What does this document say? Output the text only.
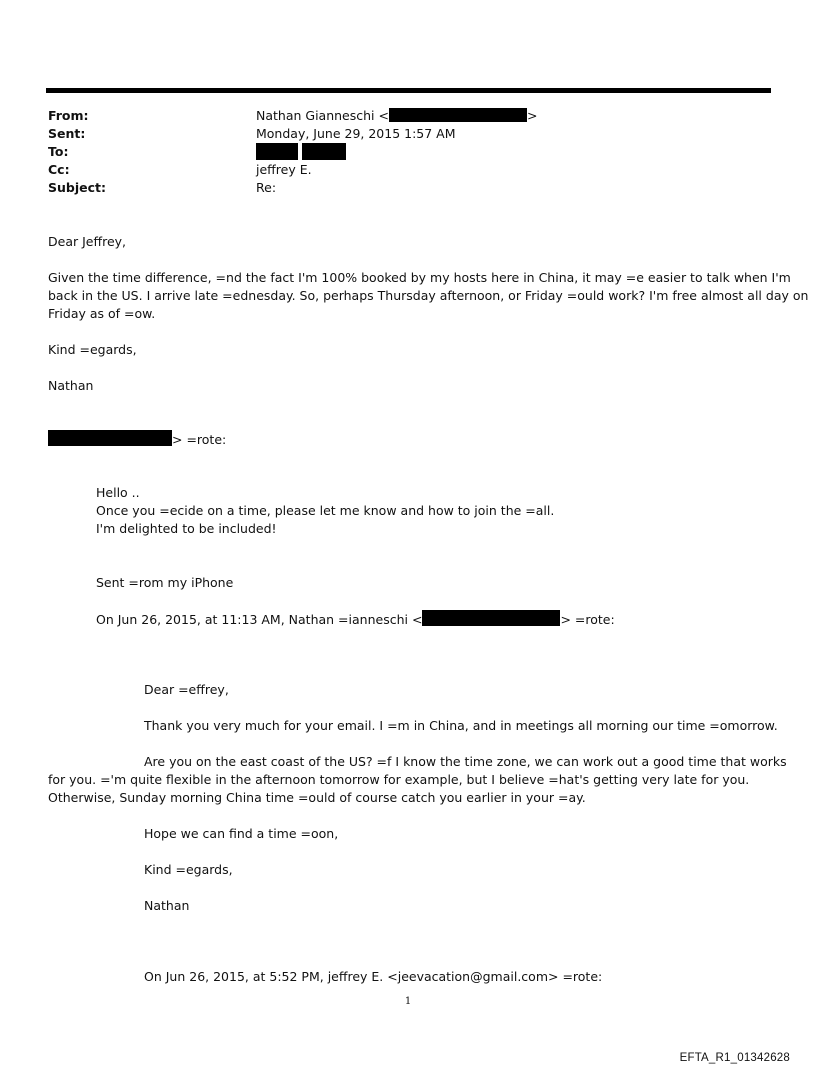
From:	Nathan Gianneschi <	>
Sent:	Monday, June 29, 2015 1:57 AM
To:

Cc:	jeffrey E.
Subject:	Re:
Dear Jeffrey,
Given the time difference, =nd the fact I'm 100% booked by my hosts here in China, it may =e easier to talk when I'm
back in the US. I arrive late =ednesday. So, perhaps Thursday afternoon, or Friday =ould work? I'm free almost all day on
Friday as of =ow.
Kind =egards,
Nathan
> =rote:
Hello ..
Once you =ecide on a time, please let me know and how to join the =all.
I'm delighted to be included!
Sent =rom my iPhone
On Jun 26, 2015, at 11:13 AM, Nathan =ianneschi <	> =rote:
Dear =effrey,
Thank you very much for your email. I =m in China, and in meetings all morning our time =omorrow.
Are you on the east coast of the US? =f I know the time zone, we can work out a good time that works
for you. ='m quite flexible in the afternoon tomorrow for example, but I believe =hat's getting very late for you.
Otherwise, Sunday morning China time =ould of course catch you earlier in your =ay.
Hope we can find a time =oon,
Kind =egards,
Nathan
On Jun 26, 2015, at 5:52 PM, jeffrey E. <jeevacation@gmail.com> =rote:
1
EFTA_R1_01342628
